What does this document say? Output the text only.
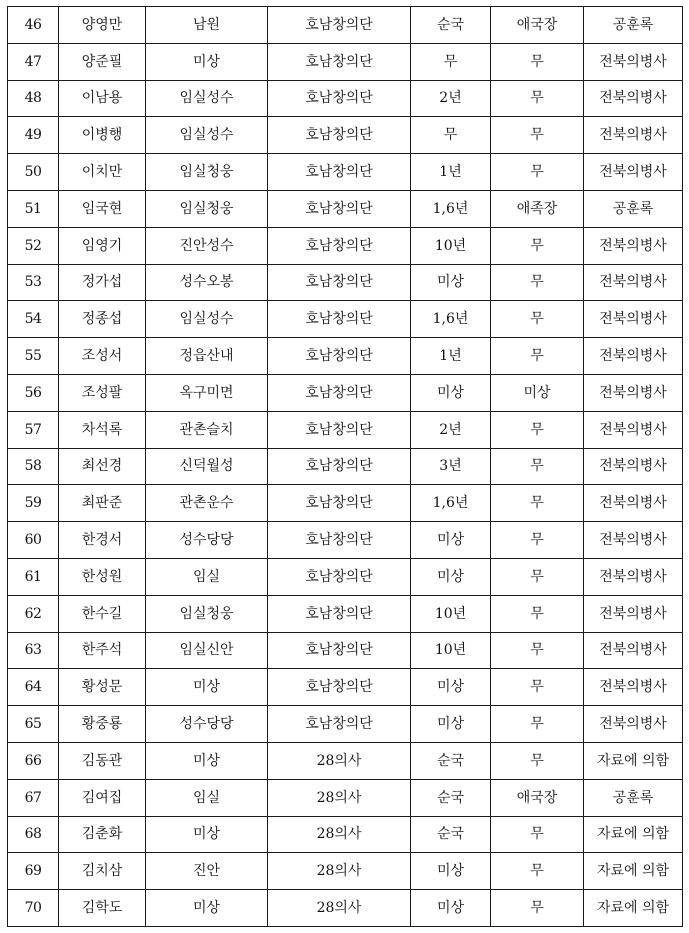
46	양영만	남원	호남창의단	순국	애국장	공훈록
47	양준필	미상	호남창의단	무	무	전북의병사
48	이남용	임실성수	호남창의단	2년	무	전북의병사
49	이병행	임실성수	호남창의단	무	무	전북의병사
50	이치만	임실청웅	호남창의단	1년	무	전북의병사
51	임국현	임실청웅	호남창의단	1,6년	애족장	공훈록
52	임영기	진안성수	호남창의단	10년	무	전북의병사
53	정가섭	성수오봉	호남창의단	미상	무	전북의병사
54	정종섭	임실성수	호남창의단	1,6년	무	전북의병사
55	조성서	정읍산내	호남창의단	1년	무	전북의병사
56	조성팔	옥구미면	호남창의단	미상	미상	전북의병사
57	차석록	관촌슬치	호남창의단	2년	무	전북의병사
58	최선경	신덕월성	호남창의단	3년	무	전북의병사
59	최판준	관촌운수	호남창의단	1,6년	무	전북의병사
60	한경서	성수당당	호남창의단	미상	무	전북의병사
61	한성원	임실	호남창의단	미상	무	전북의병사
62	한수길	임실청웅	호남창의단	10년	무	전북의병사
63	한주석	임실신안	호남창의단	10년	무	전북의병사
64	황성문	미상	호남창의단	미상	무	전북의병사
65	황중룡	성수당당	호남창의단	미상	무	전북의병사
66	김동관	미상	28의사	순국	무	자료에 의함
67	김여집	임실	28의사	순국	애국장	공훈록
68	김춘화	미상	28의사	순국	무	자료에 의함
69	김치삼	진안	28의사	미상	무	자료에 의함
70	김학도	미상	28의사	미상	무	자료에 의함
